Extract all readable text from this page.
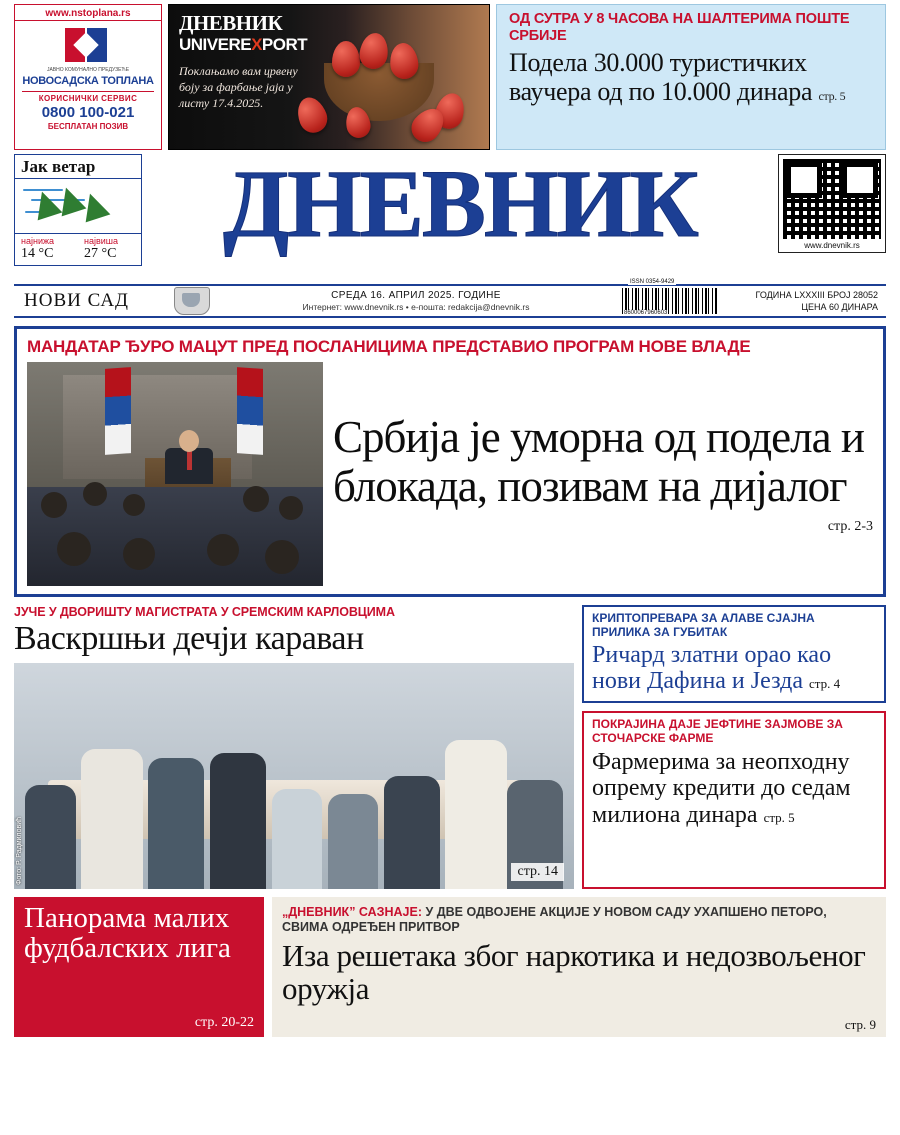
www.nstoplana.rs
ЈАВНО КОМУНАЛНО ПРЕДУЗЕЋЕ
НОВОСАДСКА ТОПЛАНА
КОРИСНИЧКИ СЕРВИС
0800 100-021
БЕСПЛАТАН ПОЗИВ
ДНЕВНИК
UNIVEREXPORT
Поклањамо вам црвену боју за фарбање јаја у листу 17.4.2025.
ОД СУТРА У 8 ЧАСОВА НА ШАЛТЕРИМА ПОШТЕ СРБИЈЕ
Подела 30.000 туристичких ваучера од по 10.000 динара стр. 5
Јак ветар
најнижа
14 °C
највиша
27 °C	ДНЕВНИК	www.dnevnik.rs
НОВИ САД	СРЕДА 16. АПРИЛ 2025. ГОДИНЕ
Интернет: www.dnevnik.rs • е-пошта: redakcija@dnevnik.rs
ISSN 0354-9429
8600067960603
ГОДИНА LXXXIII БРОЈ 28052
ЦЕНА 60 ДИНАРА
МАНДАТАР ЂУРО МАЦУТ ПРЕД ПОСЛАНИЦИМА ПРЕДСТАВИО ПРОГРАМ НОВЕ ВЛАДЕ
Србија је уморна од подела и блокада, позивам на дијалог
стр. 2-3
ЈУЧЕ У ДВОРИШТУ МАГИСТРАТА У СРЕМСКИМ КАРЛОВЦИМА
Васкршњи дечји караван
Фото: Р. Радмиловић	стр. 14
КРИПТОПРЕВАРА ЗА АЛАВЕ СЈАЈНА ПРИЛИКА ЗА ГУБИТАК
Ричард златни орао као нови Дафина и Језда стр. 4
ПОКРАЈИНА ДАЈЕ ЈЕФТИНЕ ЗАЈМОВЕ ЗА СТОЧАРСКЕ ФАРМЕ
Фармерима за неопходну опрему кредити до седам милиона динара стр. 5
Панорама малих фудбалских лига
стр. 20-22
„ДНЕВНИК” САЗНАЈЕ: У ДВЕ ОДВОЈЕНЕ АКЦИЈЕ У НОВОМ САДУ УХАПШЕНО ПЕТОРО, СВИМА ОДРЕЂЕН ПРИТВОР
Иза решетака због наркотика и недозвољеног оружја
стр. 9
